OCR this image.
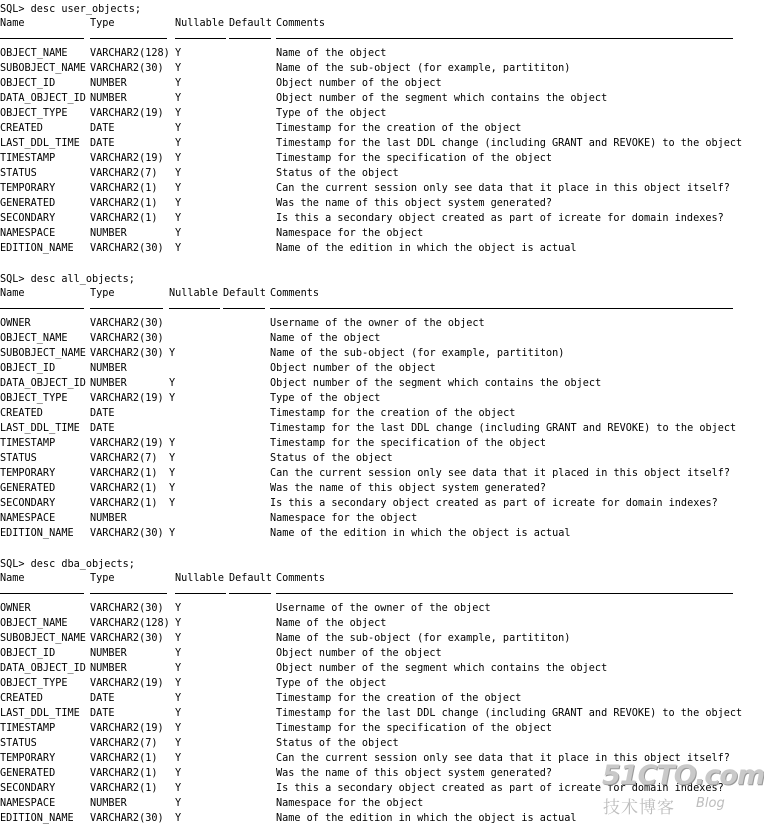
SQL> desc user_objects;
Name	Type	Nullable Default Comments
OBJECT_NAME VARCHAR2(128) Y	Name of the object
SUBOBJECT_NAME VARCHAR2(30) Y	Name of the sub-object (for example, partititon)
OBJECT_ID	NUMBER	Y	Object number of the object
DATA_OBJECT_ID NUMBER	Y	Object number of the segment which contains the object
OBJECT_TYPE VARCHAR2(19) Y	Type of the object
CREATED	DATE	Y	Timestamp for the creation of the object
LAST_DDL_TIME DATE	Y	Timestamp for the last DDL change (including GRANT and REVOKE) to the object
TIMESTAMP	VARCHAR2(19) Y	Timestamp for the specification of the object
STATUS	VARCHAR2(7) Y	Status of the object
TEMPORARY	VARCHAR2(1) Y	Can the current session only see data that it place in this object itself?
GENERATED	VARCHAR2(1) Y	Was the name of this object system generated?
SECONDARY	VARCHAR2(1) Y	Is this a secondary object created as part of icreate for domain indexes?
NAMESPACE	NUMBER	Y	Namespace for the object
EDITION_NAME VARCHAR2(30) Y	Name of the edition in which the object is actual
SQL> desc all_objects;
Name	Type	Nullable Default Comments
OWNER	VARCHAR2(30)	Username of the owner of the object
OBJECT_NAME VARCHAR2(30)	Name of the object
SUBOBJECT_NAME VARCHAR2(30) Y	Name of the sub-object (for example, partititon)
OBJECT_ID	NUMBER	Object number of the object
DATA_OBJECT_ID NUMBER	Y	Object number of the segment which contains the object
OBJECT_TYPE VARCHAR2(19) Y	Type of the object
CREATED	DATE	Timestamp for the creation of the object
LAST_DDL_TIME DATE	Timestamp for the last DDL change (including GRANT and REVOKE) to the object
TIMESTAMP	VARCHAR2(19) Y	Timestamp for the specification of the object
STATUS	VARCHAR2(7) Y	Status of the object
TEMPORARY	VARCHAR2(1) Y	Can the current session only see data that it placed in this object itself?
GENERATED	VARCHAR2(1) Y	Was the name of this object system generated?
SECONDARY	VARCHAR2(1) Y	Is this a secondary object created as part of icreate for domain indexes?
NAMESPACE	NUMBER	Namespace for the object
EDITION_NAME VARCHAR2(30) Y	Name of the edition in which the object is actual
SQL> desc dba_objects;
Name	Type	Nullable Default Comments
OWNER	VARCHAR2(30) Y	Username of the owner of the object
OBJECT_NAME VARCHAR2(128) Y	Name of the object
SUBOBJECT_NAME VARCHAR2(30) Y	Name of the sub-object (for example, partititon)
OBJECT_ID	NUMBER	Y	Object number of the object
DATA_OBJECT_ID NUMBER	Y	Object number of the segment which contains the object
OBJECT_TYPE VARCHAR2(19) Y	Type of the object
CREATED	DATE	Y	Timestamp for the creation of the object
LAST_DDL_TIME DATE	Y	Timestamp for the last DDL change (including GRANT and REVOKE) to the object
TIMESTAMP	VARCHAR2(19) Y	Timestamp for the specification of the object
STATUS	VARCHAR2(7) Y	Status of the object
TEMPORARY	VARCHAR2(1) Y	Can the current session only see data that it place in this object itself?
GENERATED	VARCHAR2(1) Y	Was the name of this object system generated?
SECONDARY	VARCHAR2(1) Y	Is this a secondary object created as part of icreate for domain indexes?
NAMESPACE	NUMBER	Y	Namespace for the object
EDITION_NAME VARCHAR2(30) Y	Name of the edition in which the object is actual
51CTO.com
技术博客 Blog
